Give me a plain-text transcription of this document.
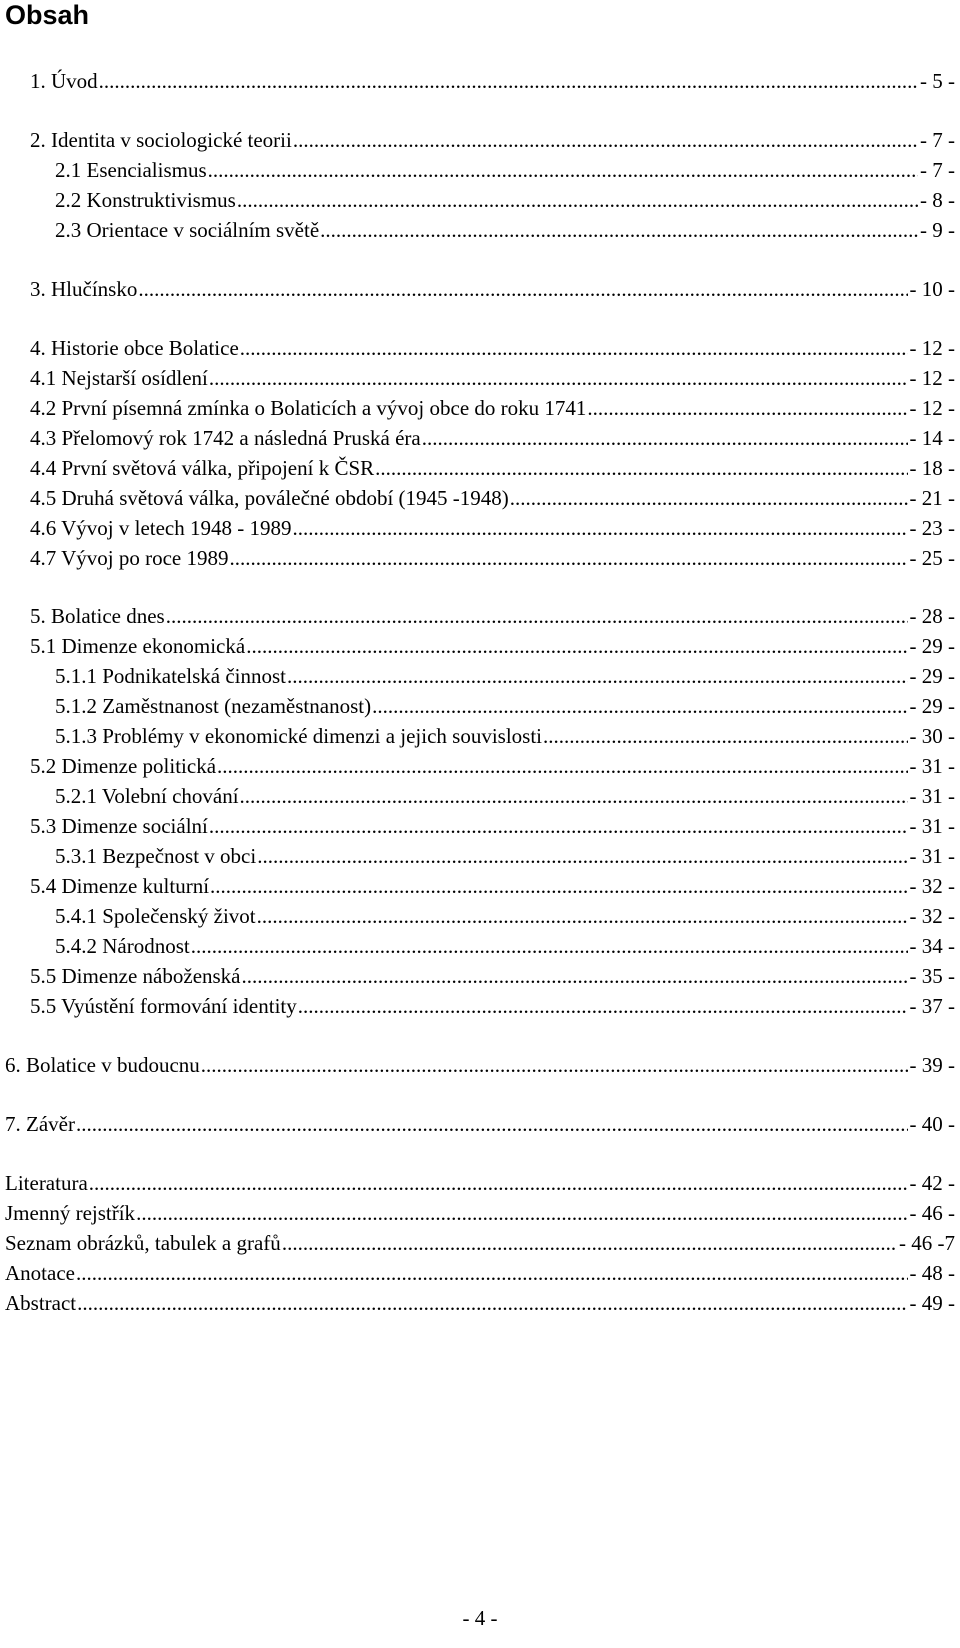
Obsah
1. Úvod .....	- 5 -
2. Identita v sociologické teorii .....	- 7 -
2.1 Esencialismus .....	- 7 -
2.2 Konstruktivismus .....	- 8 -
2.3 Orientace v sociálním světě .....	- 9 -
3. Hlučínsko .....	- 10 -
4. Historie obce Bolatice .....	- 12 -
4.1 Nejstarší osídlení .....	- 12 -
4.2 První písemná zmínka o Bolaticích a vývoj obce do roku 1741 .....	- 12 -
4.3 Přelomový rok 1742 a následná Pruská éra .....	- 14 -
4.4 První světová válka, připojení k ČSR .....	- 18 -
4.5 Druhá světová válka, poválečné období (1945 -1948) .....	- 21 -
4.6 Vývoj v letech 1948 - 1989 .....	- 23 -
4.7 Vývoj po roce 1989 .....	- 25 -
5. Bolatice dnes .....	- 28 -
5.1 Dimenze ekonomická .....	- 29 -
5.1.1 Podnikatelská činnost .....	- 29 -
5.1.2 Zaměstnanost (nezaměstnanost) .....	- 29 -
5.1.3 Problémy v ekonomické dimenzi a jejich souvislosti .....	- 30 -
5.2 Dimenze politická .....	- 31 -
5.2.1 Volební chování .....	- 31 -
5.3 Dimenze sociální .....	- 31 -
5.3.1 Bezpečnost v obci .....	- 31 -
5.4 Dimenze kulturní .....	- 32 -
5.4.1 Společenský život .....	- 32 -
5.4.2 Národnost .....	- 34 -
5.5 Dimenze náboženská .....	- 35 -
5.5 Vyústění formování identity .....	- 37 -
6. Bolatice v budoucnu .....	- 39 -
7. Závěr .....	- 40 -
Literatura .....	- 42 -
Jmenný rejstřík .....	- 46 -
Seznam obrázků, tabulek a grafů .....	- 46 -7
Anotace .....	- 48 -
Abstract .....	- 49 -

- 4 -
